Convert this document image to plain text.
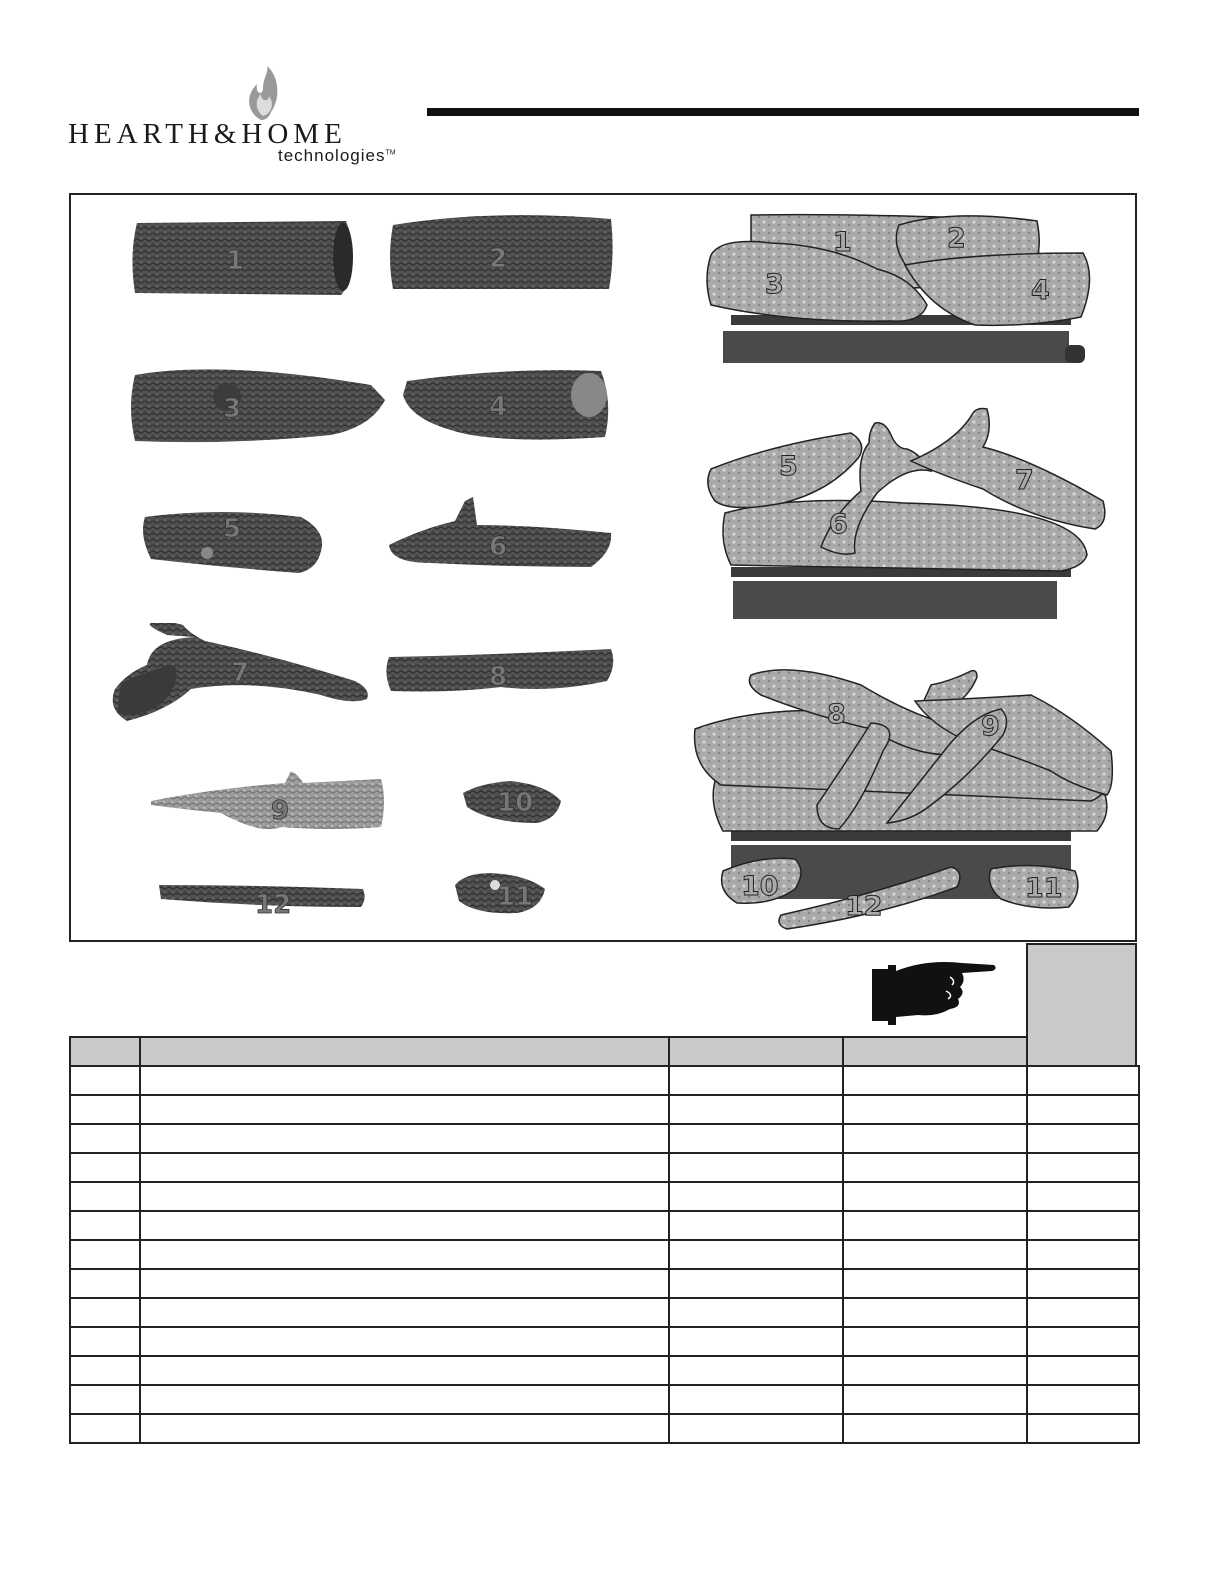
HEARTH&HOME
technologies™
1	2
3	4
5
6
7	8
9	10
11
12
1	2
3	4
5
6
7
8	9
10	11
12
